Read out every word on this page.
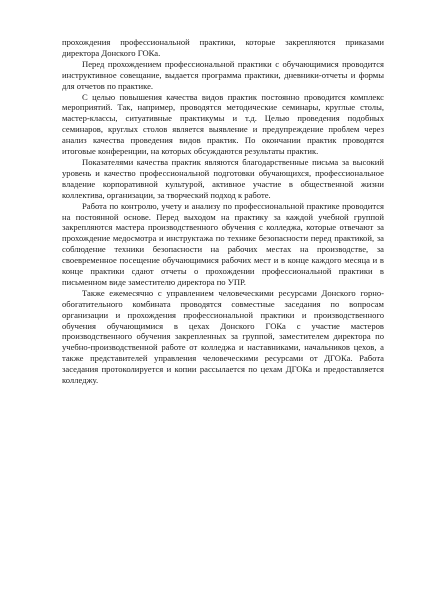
прохождения профессиональной практики, которые закрепляются приказами директора Донского ГОКа.

Перед прохождением профессиональной практики с обучающимися проводится инструктивное совещание, выдается программа практики, дневники-отчеты и формы для отчетов по практике.

С целью повышения качества видов практик постоянно проводится комплекс мероприятий. Так, например, проводятся методические семинары, круглые столы, мастер-классы, ситуативные практикумы и т.д. Целью проведения подобных семинаров, круглых столов является выявление и предупреждение проблем через анализ качества проведения видов практик. По окончании практик проводятся итоговые конференции, на которых обсуждаются результаты практик.

Показателями качества практик являются благодарственные письма за высокий уровень и качество профессиональной подготовки обучающихся, профессиональное владение корпоративной культурой, активное участие в общественной жизни коллектива, организации, за творческий подход к работе.

Работа по контролю, учету и анализу по профессиональной практике проводится на постоянной основе. Перед выходом на практику за каждой учебной группой закрепляются мастера производственного обучения с колледжа, которые отвечают за прохождение медосмотра и инструктажа по технике безопасности перед практикой, за соблюдение техники безопасности на рабочих местах на производстве, за своевременное посещение обучающимися рабочих мест и в конце каждого месяца и в конце практики сдают отчеты о прохождении профессиональной практики в письменном виде заместителю директора по УПР.

Также ежемесячно с управлением человеческими ресурсами Донского горно-обогатительного комбината проводятся совместные заседания по вопросам организации и прохождения профессиональной практики и производственного обучения обучающимися в цехах Донского ГОКа с участие мастеров производственного обучения закрепленных за группой, заместителем директора по учебно-производственной работе от колледжа и наставниками, начальников цехов, а также представителей управления человеческими ресурсами от ДГОКа. Работа заседания протоколируется и копии рассылается по цехам ДГОКа и предоставляется колледжу.
